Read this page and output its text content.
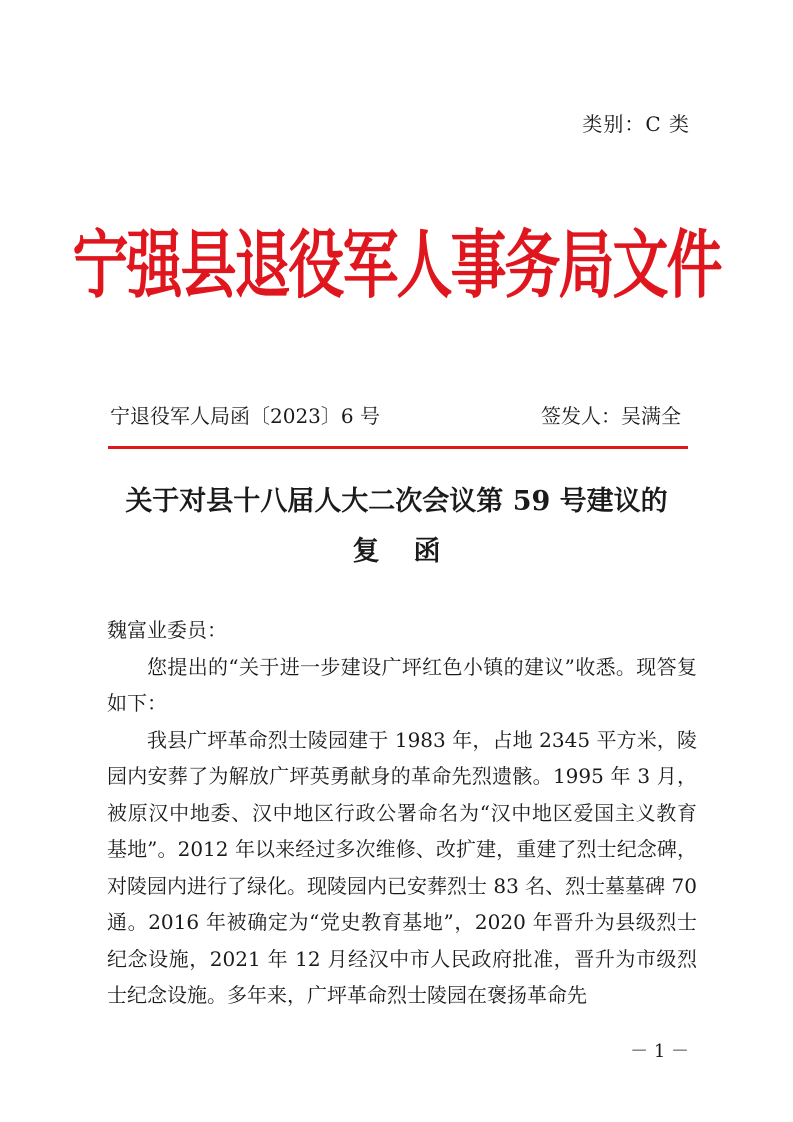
类别：C 类
宁强县退役军人事务局文件
宁退役军人局函〔2023〕6 号	签发人：吴满全
关于对县十八届人大二次会议第 59 号建议的
复函

魏富业委员：

您提出的“关于进一步建设广坪红色小镇的建议”收悉。现答复如下：

我县广坪革命烈士陵园建于 1983 年，占地 2345 平方米，陵园内安葬了为解放广坪英勇献身的革命先烈遗骸。1995 年 3 月，被原汉中地委、汉中地区行政公署命名为“汉中地区爱国主义教育基地”。2012 年以来经过多次维修、改扩建，重建了烈士纪念碑，对陵园内进行了绿化。现陵园内已安葬烈士 83 名、烈士墓墓碑 70 通。2016 年被确定为“党史教育基地”，2020 年晋升为县级烈士纪念设施，2021 年 12 月经汉中市人民政府批准，晋升为市级烈士纪念设施。多年来，广坪革命烈士陵园在褒扬革命先

－ 1 －
